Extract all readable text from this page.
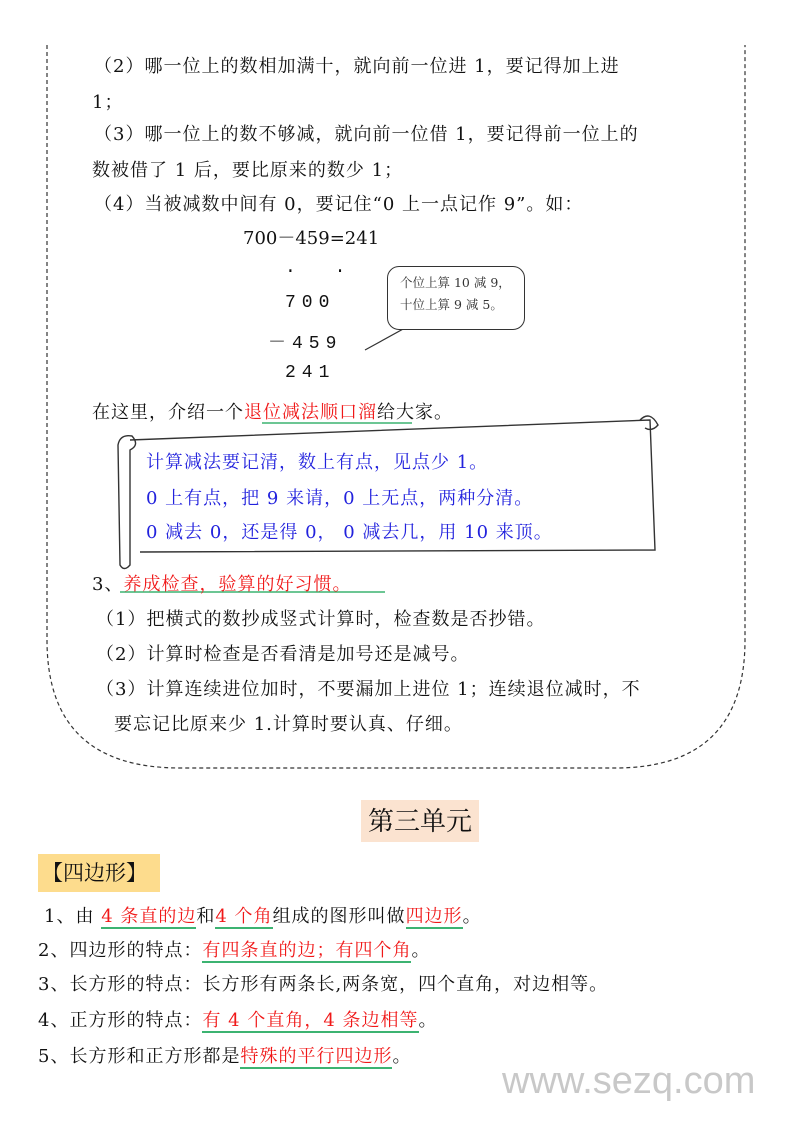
（2）哪一位上的数相加满十，就向前一位进 1，要记得加上进
1；
（3）哪一位上的数不够减，就向前一位借 1，要记得前一位上的
数被借了 1 后，要比原来的数少 1；
（4）当被减数中间有 0，要记住“0 上一点记作 9”。如：
700－459=241
· ·
700
－459
241
个位上算 10 减 9，
十位上算 9 减 5。
在这里，介绍一个退位减法顺口溜给大家。
计算减法要记清，数上有点，见点少 1。
0 上有点，把 9 来请，0 上无点，两种分清。
0 减去 0，还是得 0， 0 减去几，用 10 来顶。
3、养成检查，验算的好习惯。
（1）把横式的数抄成竖式计算时，检查数是否抄错。
（2）计算时检查是否看清是加号还是减号。
（3）计算连续进位加时，不要漏加上进位 1；连续退位减时，不
要忘记比原来少 1.计算时要认真、仔细。
第三单元
【四边形】
1、由 4 条直的边和4 个角组成的图形叫做四边形。
2、四边形的特点：有四条直的边；有四个角。
3、长方形的特点：长方形有两条长,两条宽，四个直角，对边相等。
4、正方形的特点：有 4 个直角，4 条边相等。
5、长方形和正方形都是特殊的平行四边形。
www.sezq.com
